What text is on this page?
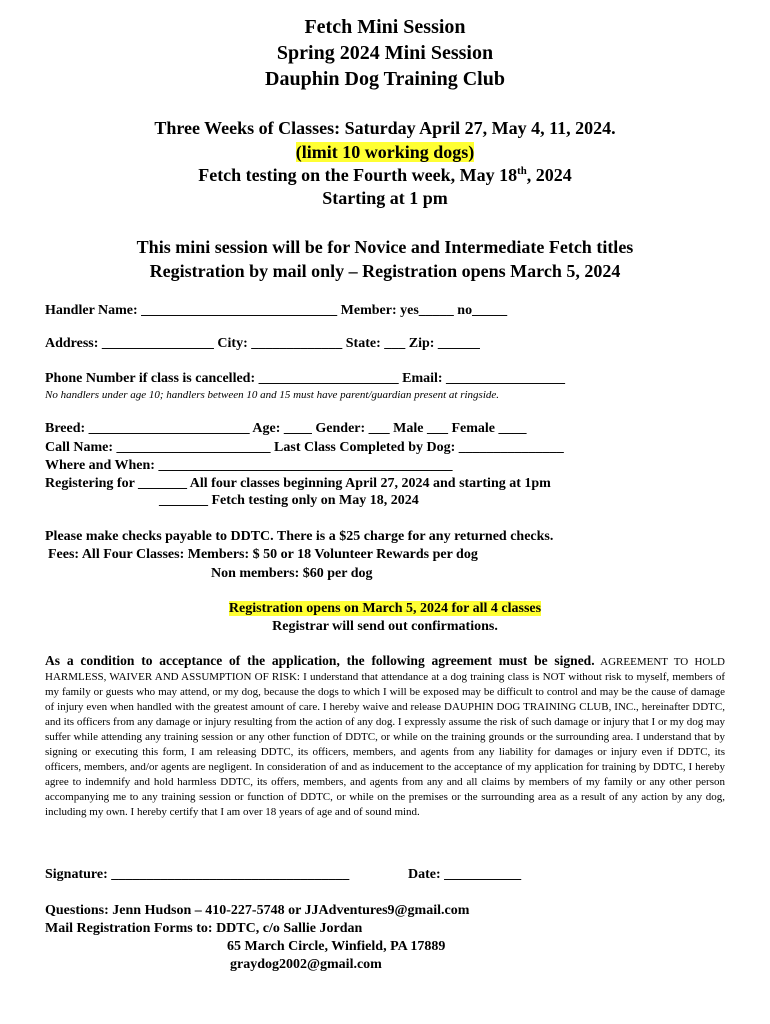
Fetch Mini Session
Spring 2024 Mini Session
Dauphin Dog Training Club
Three Weeks of Classes: Saturday April 27, May 4, 11, 2024.
(limit 10 working dogs)
Fetch testing on the Fourth week, May 18th, 2024
Starting at 1 pm
This mini session will be for Novice and Intermediate Fetch titles
Registration by mail only – Registration opens March 5, 2024
Handler Name: ____________________________ Member: yes_____ no_____
Address: ________________ City: _____________ State: ___ Zip: ______
Phone Number if class is cancelled: ____________________ Email: _________________
No handlers under age 10; handlers between 10 and 15 must have parent/guardian present at ringside.
Breed: _______________________ Age: ____ Gender: ___ Male ___ Female ____
Call Name: ______________________ Last Class Completed by Dog: _______________
Where and When: __________________________________________
Registering for _______ All four classes beginning April 27, 2024 and starting at 1pm
_______ Fetch testing only on May 18, 2024
Please make checks payable to DDTC. There is a $25 charge for any returned checks.
Fees: All Four Classes: Members: $ 50 or 18 Volunteer Rewards per dog
Non members: $60 per dog
Registration opens on March 5, 2024 for all 4 classes
Registrar will send out confirmations.
As a condition to acceptance of the application, the following agreement must be signed. AGREEMENT TO HOLD HARMLESS, WAIVER AND ASSUMPTION OF RISK: I understand that attendance at a dog training class is NOT without risk to myself, members of my family or guests who may attend, or my dog, because the dogs to which I will be exposed may be difficult to control and may be the cause of damage of injury even when handled with the greatest amount of care. I hereby waive and release DAUPHIN DOG TRAINING CLUB, INC., hereinafter DDTC, and its officers from any damage or injury resulting from the action of any dog. I expressly assume the risk of such damage or injury that I or my dog may suffer while attending any training session or any other function of DDTC, or while on the training grounds or the surrounding area. I understand that by signing or executing this form, I am releasing DDTC, its officers, members, and agents from any liability for damages or injury even if DDTC, its officers, members, and/or agents are negligent. In consideration of and as inducement to the acceptance of my application for training by DDTC, I hereby agree to indemnify and hold harmless DDTC, its offers, members, and agents from any and all claims by members of my family or any other person accompanying me to any training session or function of DDTC, or while on the premises or the surrounding area as a result of any action by any dog, including my own. I hereby certify that I am over 18 years of age and of sound mind.
Signature: __________________________________	Date: ___________
Questions: Jenn Hudson – 410-227-5748 or JJAdventures9@gmail.com
Mail Registration Forms to: DDTC, c/o Sallie Jordan
65 March Circle, Winfield, PA 17889
graydog2002@gmail.com
